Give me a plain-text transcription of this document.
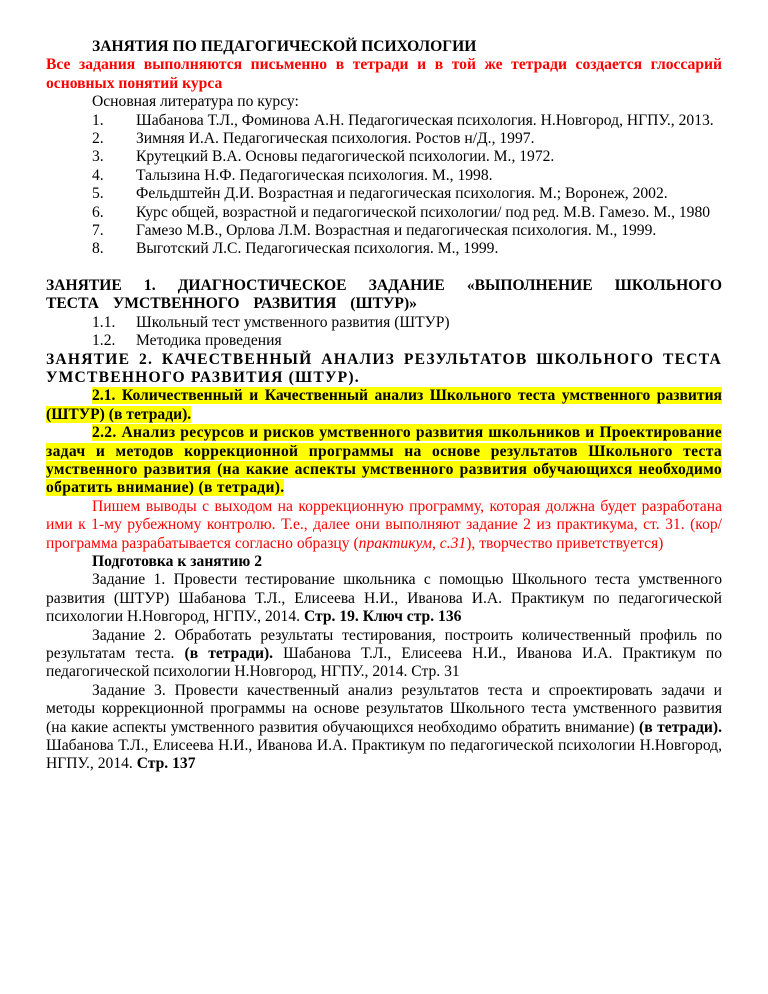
ЗАНЯТИЯ ПО ПЕДАГОГИЧЕСКОЙ ПСИХОЛОГИИ

Все задания выполняются письменно в тетради и в той же тетради создается глоссарий основных понятий курса

Основная литература по курсу:

1. Шабанова Т.Л., Фоминова А.Н. Педагогическая психология. Н.Новгород, НГПУ., 2013.

2. Зимняя И.А. Педагогическая психология. Ростов н/Д., 1997.

3. Крутецкий В.А. Основы педагогической психологии. М., 1972.

4. Талызина Н.Ф. Педагогическая психология. М., 1998.

5. Фельдштейн Д.И. Возрастная и педагогическая психология. М.; Воронеж, 2002.

6. Курс общей, возрастной и педагогической психологии/ под ред. М.В. Гамезо. М., 1980

7. Гамезо М.В., Орлова Л.М. Возрастная и педагогическая психология. М., 1999.

8. Выготский Л.С. Педагогическая психология. М., 1999.

ЗАНЯТИЕ 1. ДИАГНОСТИЧЕСКОЕ ЗАДАНИЕ «ВЫПОЛНЕНИЕ ШКОЛЬНОГО ТЕСТА УМСТВЕННОГО РАЗВИТИЯ (ШТУР)»

1.1. Школьный тест умственного развития (ШТУР)

1.2. Методика проведения

ЗАНЯТИЕ 2. КАЧЕСТВЕННЫЙ АНАЛИЗ РЕЗУЛЬТАТОВ ШКОЛЬНОГО ТЕСТА УМСТВЕННОГО РАЗВИТИЯ (ШТУР).

2.1. Количественный и Качественный анализ Школьного теста умственного развития (ШТУР) (в тетради).

2.2. Анализ ресурсов и рисков умственного развития школьников и Проектирование задач и методов коррекционной программы на основе результатов Школьного теста умственного развития (на какие аспекты умственного развития обучающихся необходимо обратить внимание) (в тетради).

Пишем выводы с выходом на коррекционную программу, которая должна будет разработана ими к 1-му рубежному контролю. Т.е., далее они выполняют задание 2 из практикума, ст. 31. (кор/программа разрабатывается согласно образцу (практикум, с.31), творчество приветствуется)

Подготовка к занятию 2

Задание 1. Провести тестирование школьника с помощью Школьного теста умственного развития (ШТУР) Шабанова Т.Л., Елисеева Н.И., Иванова И.А. Практикум по педагогической психологии Н.Новгород, НГПУ., 2014. Стр. 19. Ключ стр. 136

Задание 2. Обработать результаты тестирования, построить количественный профиль по результатам теста. (в тетради). Шабанова Т.Л., Елисеева Н.И., Иванова И.А. Практикум по педагогической психологии Н.Новгород, НГПУ., 2014. Стр. 31

Задание 3. Провести качественный анализ результатов теста и спроектировать задачи и методы коррекционной программы на основе результатов Школьного теста умственного развития (на какие аспекты умственного развития обучающихся необходимо обратить внимание) (в тетради). Шабанова Т.Л., Елисеева Н.И., Иванова И.А. Практикум по педагогической психологии Н.Новгород, НГПУ., 2014. Стр. 137
